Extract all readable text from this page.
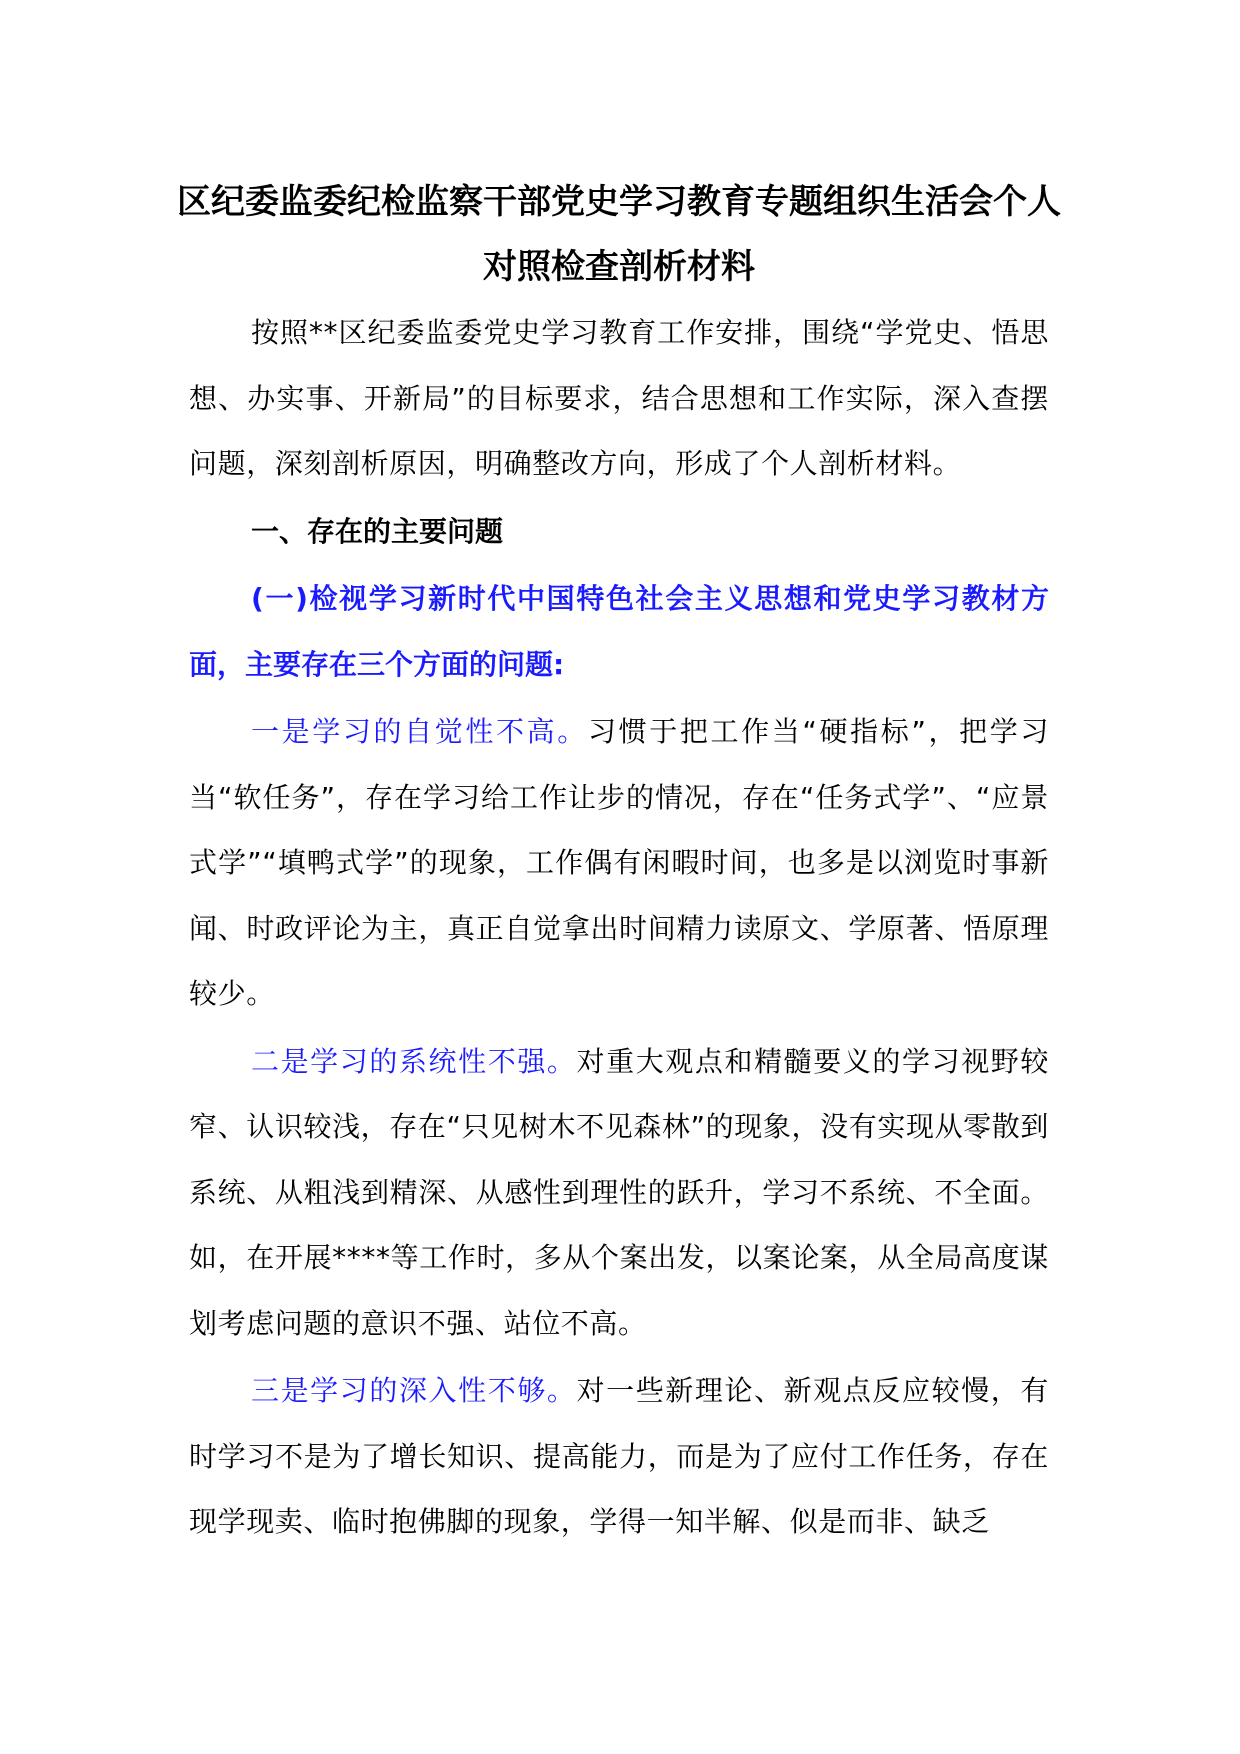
区纪委监委纪检监察干部党史学习教育专题组织生活会个人对照检查剖析材料

按照**区纪委监委党史学习教育工作安排，围绕“学党史、悟思想、办实事、开新局”的目标要求，结合思想和工作实际，深入查摆问题，深刻剖析原因，明确整改方向，形成了个人剖析材料。

一、存在的主要问题

(一)检视学习新时代中国特色社会主义思想和党史学习教材方面，主要存在三个方面的问题:

一是学习的自觉性不高。习惯于把工作当“硬指标”，把学习当“软任务”，存在学习给工作让步的情况，存在“任务式学”、“应景式学”“填鸭式学”的现象，工作偶有闲暇时间，也多是以浏览时事新闻、时政评论为主，真正自觉拿出时间精力读原文、学原著、悟原理较少。

二是学习的系统性不强。对重大观点和精髓要义的学习视野较窄、认识较浅，存在“只见树木不见森林”的现象，没有实现从零散到系统、从粗浅到精深、从感性到理性的跃升，学习不系统、不全面。如，在开展****等工作时，多从个案出发，以案论案，从全局高度谋划考虑问题的意识不强、站位不高。

三是学习的深入性不够。对一些新理论、新观点反应较慢，有时学习不是为了增长知识、提高能力，而是为了应付工作任务，存在现学现卖、临时抱佛脚的现象，学得一知半解、似是而非、缺乏
